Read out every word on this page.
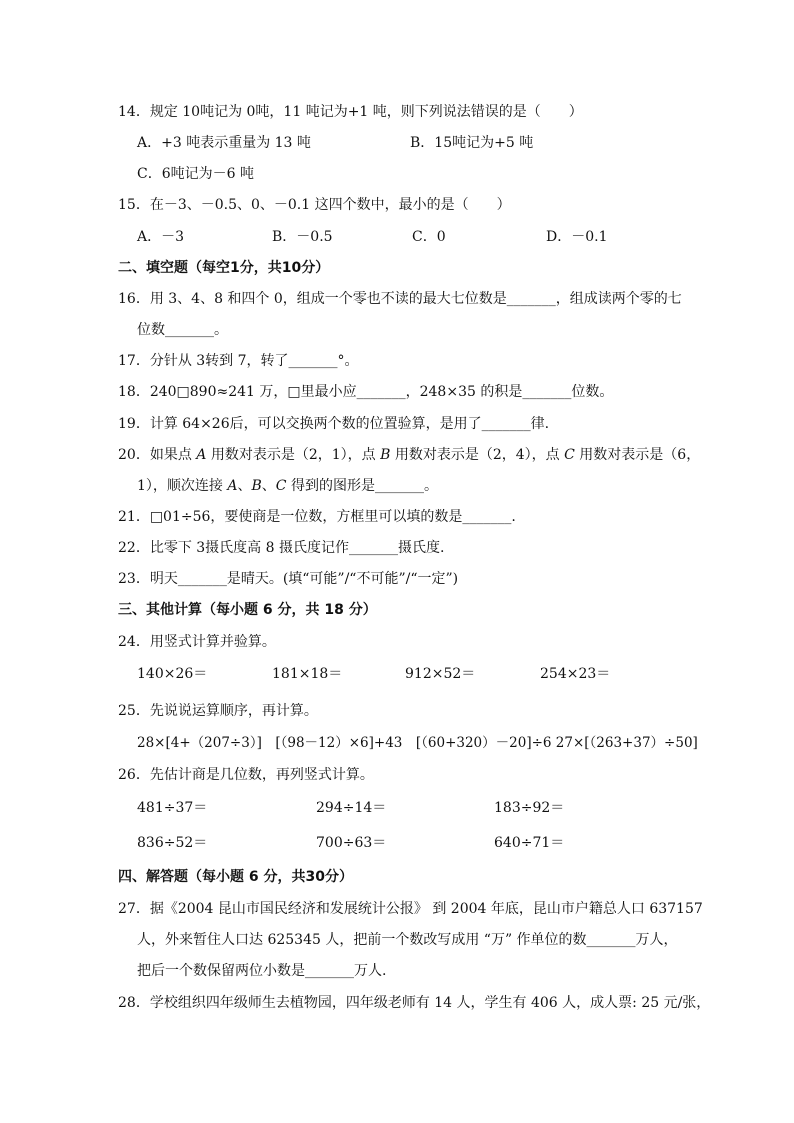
14．规定 10吨记为 0吨，11 吨记为+1 吨，则下列说法错误的是（　　）
A．+3 吨表示重量为 13 吨	B．15吨记为+5 吨
C．6吨记为－6 吨
15．在－3、－0.5、0、－0.1 这四个数中，最小的是（　　）
A．－3	B．－0.5	C．0	D．－0.1
二、填空题（每空1分，共10分）
16．用 3、4、8 和四个 0，组成一个零也不读的最大七位数是_______，组成读两个零的七
位数_______。
17．分针从 3转到 7，转了_______°。
18．240□890≈241 万，□里最小应_______，248×35 的积是_______位数。
19．计算 64×26后，可以交换两个数的位置验算，是用了_______律.
20．如果点 A 用数对表示是（2，1），点 B 用数对表示是（2，4），点 C 用数对表示是（6，
1），顺次连接 A、B、C 得到的图形是_______。
21．□01÷56，要使商是一位数，方框里可以填的数是_______.
22．比零下 3摄氏度高 8 摄氏度记作_______摄氏度.
23．明天_______是晴天。(填“可能”/“不可能”/“一定”)
三、其他计算（每小题 6 分，共 18 分）
24．用竖式计算并验算。
140×26＝	181×18＝	912×52＝	254×23＝
25．先说说运算顺序，再计算。
28×[4+（207÷3）]　[（98－12）×6]+43　[（60+320）－20]÷6 27×[（263+37）÷50]
26．先估计商是几位数，再列竖式计算。
481÷37＝	294÷14＝	183÷92＝
836÷52＝	700÷63＝	640÷71＝
四、解答题（每小题 6 分，共30分）
27．据《2004 昆山市国民经济和发展统计公报》 到 2004 年底，昆山市户籍总人口 637157
人，外来暂住人口达 625345 人，把前一个数改写成用 “万” 作单位的数_______万人，
把后一个数保留两位小数是_______万人.
28．学校组织四年级师生去植物园，四年级老师有 14 人，学生有 406 人，成人票: 25 元/张，
